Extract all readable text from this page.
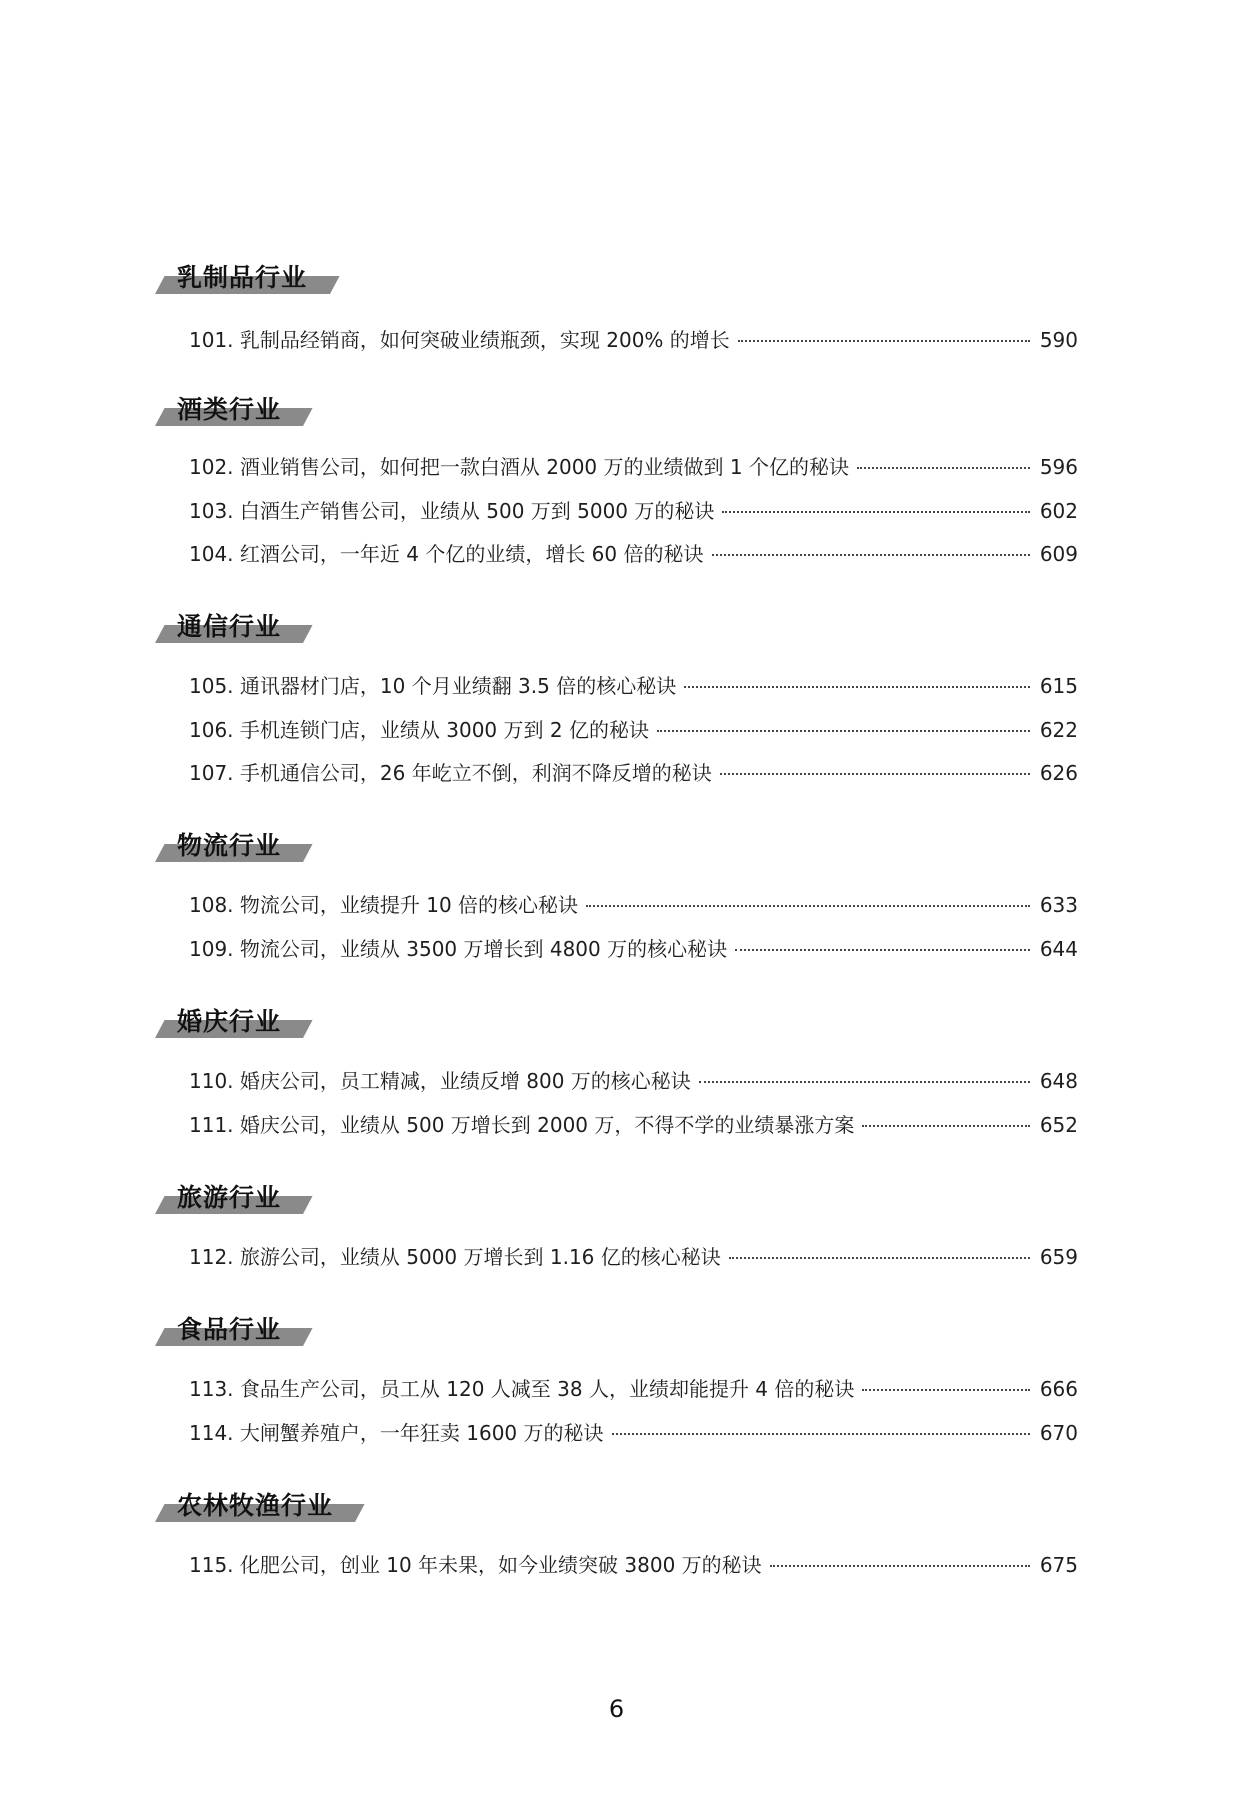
乳制品行业
101. 乳制品经销商，如何突破业绩瓶颈，实现 200% 的增长	590
酒类行业
102. 酒业销售公司，如何把一款白酒从 2000 万的业绩做到 1 个亿的秘诀	596
103. 白酒生产销售公司，业绩从 500 万到 5000 万的秘诀	602
104. 红酒公司，一年近 4 个亿的业绩，增长 60 倍的秘诀	609
通信行业
105. 通讯器材门店，10 个月业绩翻 3.5 倍的核心秘诀	615
106. 手机连锁门店，业绩从 3000 万到 2 亿的秘诀	622
107. 手机通信公司，26 年屹立不倒，利润不降反增的秘诀	626
物流行业
108. 物流公司，业绩提升 10 倍的核心秘诀	633
109. 物流公司，业绩从 3500 万增长到 4800 万的核心秘诀	644
婚庆行业
110. 婚庆公司，员工精减，业绩反增 800 万的核心秘诀	648
111. 婚庆公司，业绩从 500 万增长到 2000 万，不得不学的业绩暴涨方案	652
旅游行业
112. 旅游公司，业绩从 5000 万增长到 1.16 亿的核心秘诀	659
食品行业
113. 食品生产公司，员工从 120 人减至 38 人，业绩却能提升 4 倍的秘诀	666
114. 大闸蟹养殖户，一年狂卖 1600 万的秘诀	670
农林牧渔行业
115. 化肥公司，创业 10 年未果，如今业绩突破 3800 万的秘诀	675
6
